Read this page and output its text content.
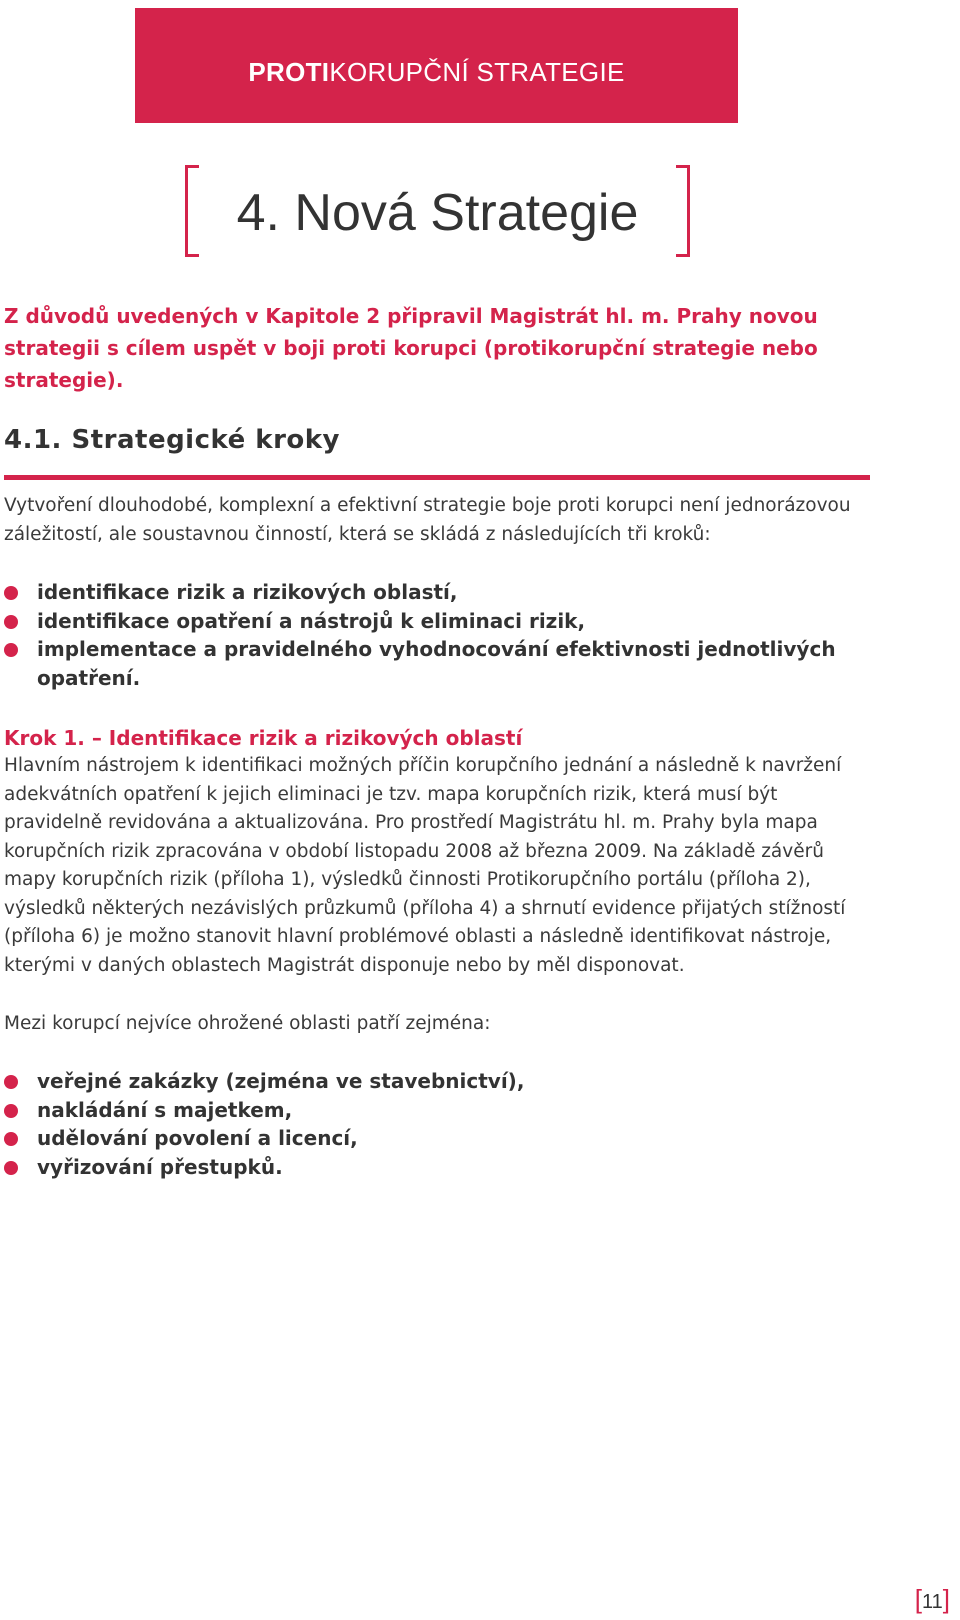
PROTIKORUPČNÍ STRATEGIE
4. Nová Strategie
Z důvodů uvedených v Kapitole 2 připravil Magistrát hl. m. Prahy novou strategii s cílem uspět v boji proti korupci (protikorupční strategie nebo strategie).
4.1. Strategické kroky
Vytvoření dlouhodobé, komplexní a efektivní strategie boje proti korupci není jednorázovou záležitostí, ale soustavnou činností, která se skládá z následujících tři kroků:
identifikace rizik a rizikových oblastí,
identifikace opatření a nástrojů k eliminaci rizik,
implementace a pravidelného vyhodnocování efektivnosti jednotlivých opatření.
Krok 1. – Identifikace rizik a rizikových oblastí
Hlavním nástrojem k identifikaci možných příčin korupčního jednání a následně k navržení adekvátních opatření k jejich eliminaci je tzv. mapa korupčních rizik, která musí být pravidelně revidována a aktualizována. Pro prostředí Magistrátu hl. m. Prahy byla mapa korupčních rizik zpracována v období listopadu 2008 až března 2009. Na základě závěrů mapy korupčních rizik (příloha 1), výsledků činnosti Protikorupčního portálu (příloha 2), výsledků některých nezávislých průzkumů (příloha 4) a shrnutí evidence přijatých stížností (příloha 6) je možno stanovit hlavní problémové oblasti a následně identifikovat nástroje, kterými v daných oblastech Magistrát disponuje nebo by měl disponovat.
Mezi korupcí nejvíce ohrožené oblasti patří zejména:
veřejné zakázky (zejména ve stavebnictví),
nakládání s majetkem,
udělování povolení a licencí,
vyřizování přestupků.
[11]
